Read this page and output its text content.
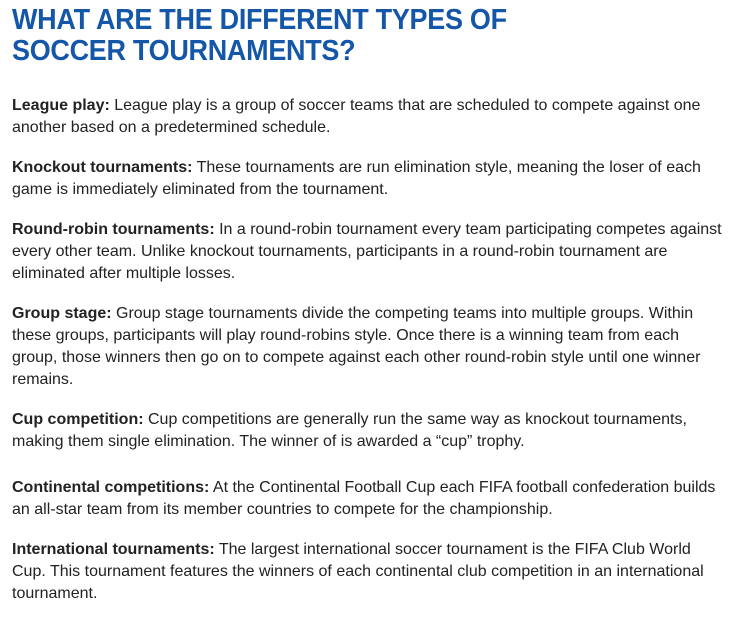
WHAT ARE THE DIFFERENT TYPES OF SOCCER TOURNAMENTS?

League play: League play is a group of soccer teams that are scheduled to compete against one another based on a predetermined schedule.

Knockout tournaments: These tournaments are run elimination style, meaning the loser of each game is immediately eliminated from the tournament.

Round-robin tournaments: In a round-robin tournament every team participating competes against every other team. Unlike knockout tournaments, participants in a round-robin tournament are eliminated after multiple losses.

Group stage: Group stage tournaments divide the competing teams into multiple groups. Within these groups, participants will play round-robins style. Once there is a winning team from each group, those winners then go on to compete against each other round-robin style until one winner remains.

Cup competition: Cup competitions are generally run the same way as knockout tournaments, making them single elimination. The winner of is awarded a “cup” trophy.

Continental competitions: At the Continental Football Cup each FIFA football confederation builds an all-star team from its member countries to compete for the championship.

International tournaments: The largest international soccer tournament is the FIFA Club World Cup. This tournament features the winners of each continental club competition in an international tournament.
